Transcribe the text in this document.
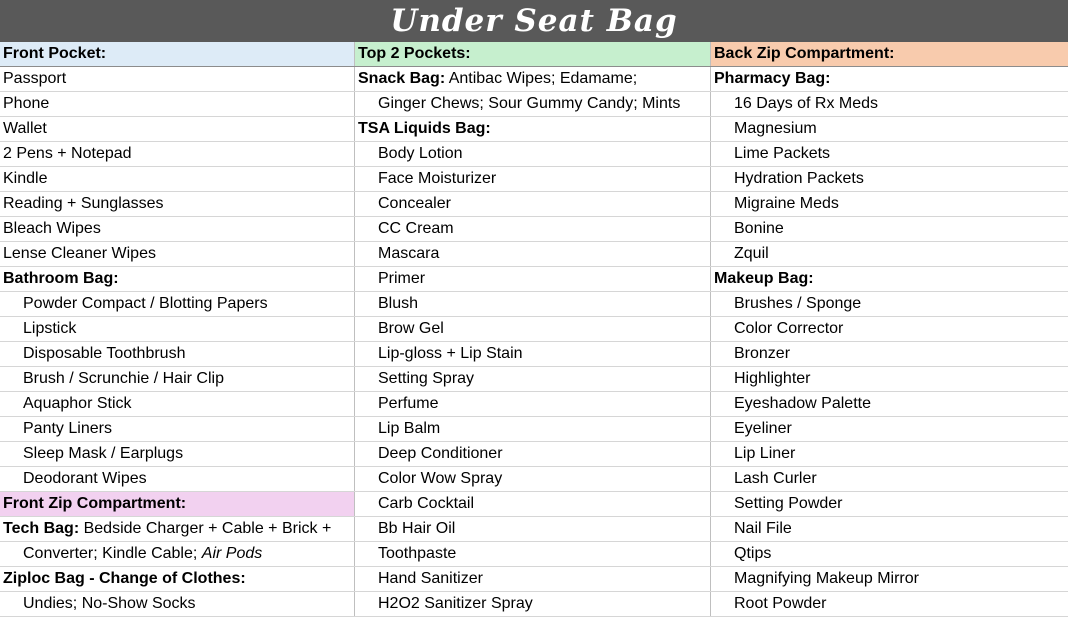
Under Seat Bag
Front Pocket:	Top 2 Pockets:	Back Zip Compartment:
Passport	Snack Bag: Antibac Wipes; Edamame;	Pharmacy Bag:
Phone	Ginger Chews; Sour Gummy Candy; Mints	16 Days of Rx Meds
Wallet	TSA Liquids Bag:	Magnesium
2 Pens + Notepad	Body Lotion	Lime Packets
Kindle	Face Moisturizer	Hydration Packets
Reading + Sunglasses	Concealer	Migraine Meds
Bleach Wipes	CC Cream	Bonine
Lense Cleaner Wipes	Mascara	Zquil
Bathroom Bag:	Primer	Makeup Bag:
Powder Compact / Blotting Papers	Blush	Brushes / Sponge
Lipstick	Brow Gel	Color Corrector
Disposable Toothbrush	Lip-gloss + Lip Stain	Bronzer
Brush / Scrunchie / Hair Clip	Setting Spray	Highlighter
Aquaphor Stick	Perfume	Eyeshadow Palette
Panty Liners	Lip Balm	Eyeliner
Sleep Mask / Earplugs	Deep Conditioner	Lip Liner
Deodorant Wipes	Color Wow Spray	Lash Curler
Front Zip Compartment:	Carb Cocktail	Setting Powder
Tech Bag: Bedside Charger + Cable + Brick +	Bb Hair Oil	Nail File
Converter; Kindle Cable; Air Pods	Toothpaste	Qtips
Ziploc Bag - Change of Clothes:	Hand Sanitizer	Magnifying Makeup Mirror
Undies; No-Show Socks	H2O2 Sanitizer Spray	Root Powder
